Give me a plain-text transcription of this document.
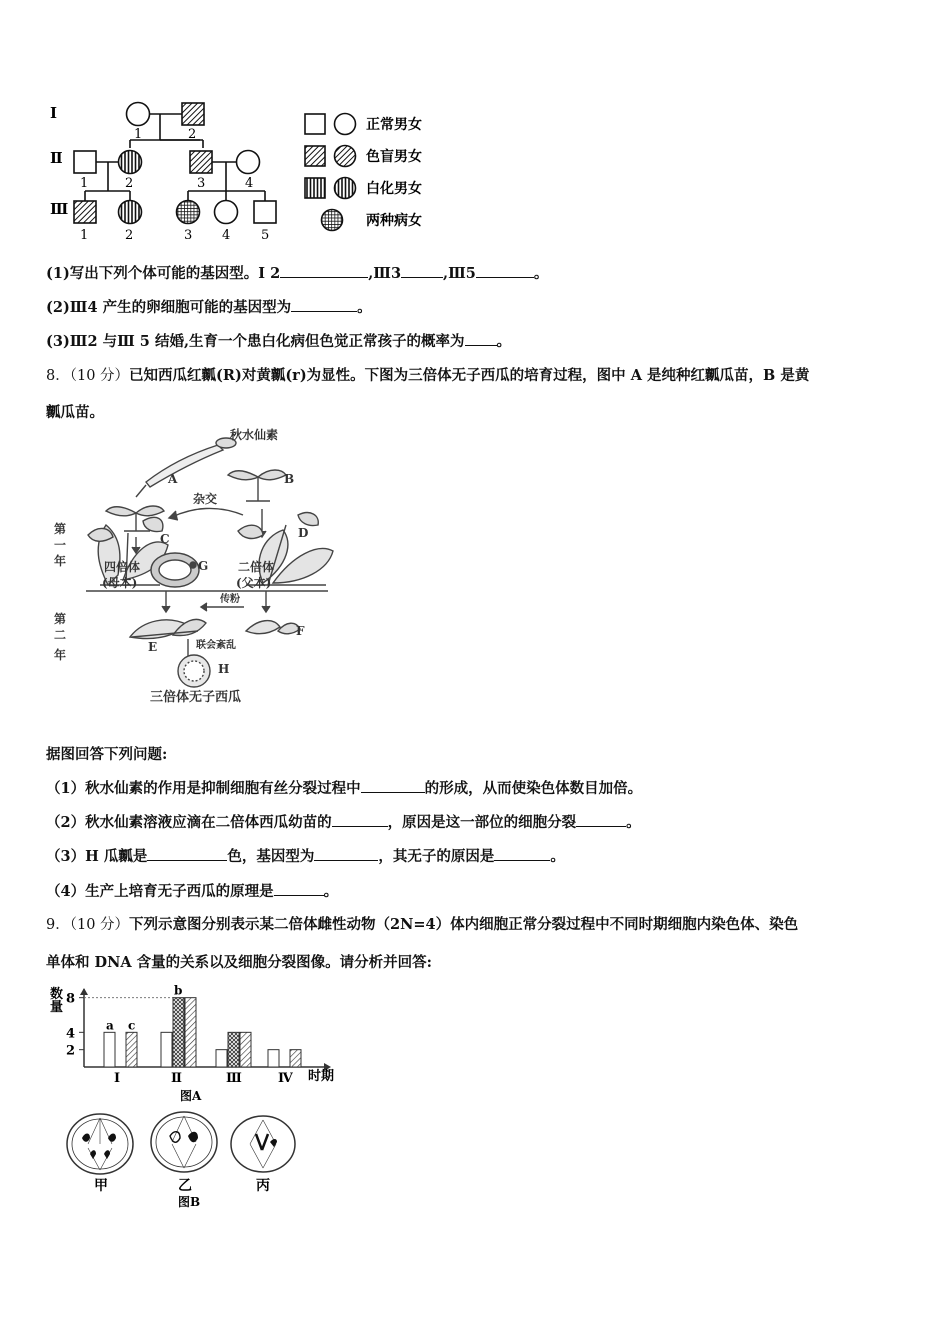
Ⅰ
Ⅱ
Ⅲ
1	2
1	2	3	4
1	2	3 4 5
正常男女
色盲男女
白化男女
两种病女
(1)写出下列个体可能的基因型。Ⅰ 2	,Ⅲ3	,Ⅲ5	。
(2)Ⅲ4 产生的卵细胞可能的基因型为	。
(3)Ⅲ2 与Ⅲ 5 结婚,生育一个患白化病但色觉正常孩子的概率为 。
8．（10 分）已知西瓜红瓤(R)对黄瓤(r)为显性。下图为三倍体无子西瓜的培育过程，图中 A 是纯种红瓤瓜苗，B 是黄
瓤瓜苗。
秋水仙素
A	B
杂交
C	D
G
四倍体
(母本)
二倍体
(父本)
传粉
E
F
联会紊乱
H
三倍体无子西瓜
第
一
年
第
二
年
据图回答下列问题:
（1）秋水仙素的作用是抑制细胞有丝分裂过程中	的形成，从而使染色体数目加倍。
（2）秋水仙素溶液应滴在二倍体西瓜幼苗的	，原因是这一部位的细胞分裂	。
（3）H 瓜瓤是	色，基因型为	，其无子的原因是	。
（4）生产上培育无子西瓜的原理是	。
9．（10 分）下列示意图分别表示某二倍体雌性动物（2N=4）体内细胞正常分裂过程中不同时期细胞内染色体、染色
单体和 DNA 含量的关系以及细胞分裂图像。请分析并回答:
数
量
数量
2
4
8
a c
Ⅰ
b
Ⅱ	Ⅲ	Ⅳ 时期
图A
甲	乙	丙
图B
